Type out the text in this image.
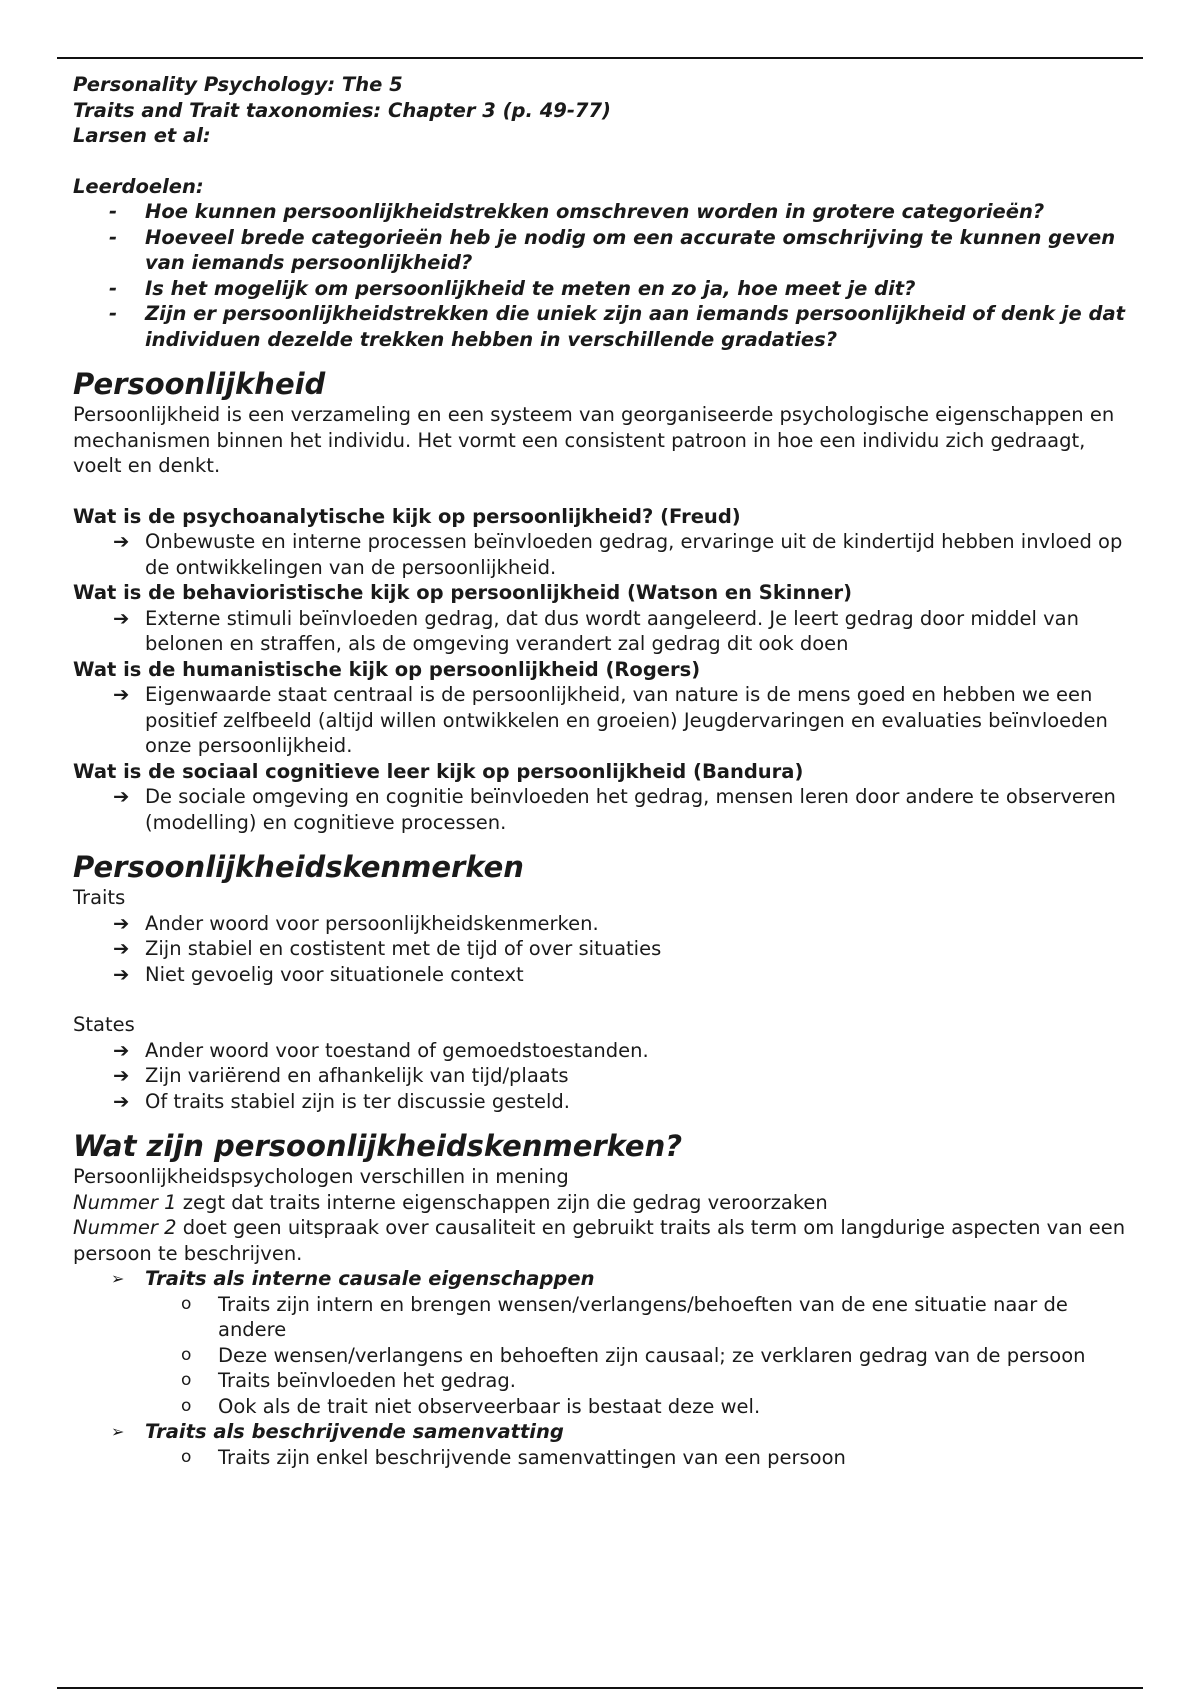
Personality Psychology: The 5
Traits and Trait taxonomies: Chapter 3 (p. 49-77)
Larsen et al:
Leerdoelen:
- Hoe kunnen persoonlijkheidstrekken omschreven worden in grotere categorieën?
- Hoeveel brede categorieën heb je nodig om een accurate omschrijving te kunnen geven van iemands persoonlijkheid?
- Is het mogelijk om persoonlijkheid te meten en zo ja, hoe meet je dit?
- Zijn er persoonlijkheidstrekken die uniek zijn aan iemands persoonlijkheid of denk je dat individuen dezelde trekken hebben in verschillende gradaties?
Persoonlijkheid

Persoonlijkheid is een verzameling en een systeem van georganiseerde psychologische eigenschappen en mechanismen binnen het individu. Het vormt een consistent patroon in hoe een individu zich gedraagt, voelt en denkt.

Wat is de psychoanalytische kijk op persoonlijkheid? (Freud)
➔ Onbewuste en interne processen beïnvloeden gedrag, ervaringe uit de kindertijd hebben invloed op de ontwikkelingen van de persoonlijkheid.
Wat is de behavioristische kijk op persoonlijkheid (Watson en Skinner)
➔ Externe stimuli beïnvloeden gedrag, dat dus wordt aangeleerd. Je leert gedrag door middel van belonen en straffen, als de omgeving verandert zal gedrag dit ook doen
Wat is de humanistische kijk op persoonlijkheid (Rogers)
➔ Eigenwaarde staat centraal is de persoonlijkheid, van nature is de mens goed en hebben we een positief zelfbeeld (altijd willen ontwikkelen en groeien) Jeugdervaringen en evaluaties beïnvloeden onze persoonlijkheid.
Wat is de sociaal cognitieve leer kijk op persoonlijkheid (Bandura)
➔ De sociale omgeving en cognitie beïnvloeden het gedrag, mensen leren door andere te observeren (modelling) en cognitieve processen.
Persoonlijkheidskenmerken
Traits
➔ Ander woord voor persoonlijkheidskenmerken.
➔ Zijn stabiel en costistent met de tijd of over situaties
➔ Niet gevoelig voor situationele context
States
➔ Ander woord voor toestand of gemoedstoestanden.
➔ Zijn variërend en afhankelijk van tijd/plaats
➔ Of traits stabiel zijn is ter discussie gesteld.
Wat zijn persoonlijkheidskenmerken?

Persoonlijkheidspsychologen verschillen in mening

Nummer 1 zegt dat traits interne eigenschappen zijn die gedrag veroorzaken

Nummer 2 doet geen uitspraak over causaliteit en gebruikt traits als term om langdurige aspecten van een persoon te beschrijven.

➢ Traits als interne causale eigenschappen
o Traits zijn intern en brengen wensen/verlangens/behoeften van de ene situatie naar de andere
o Deze wensen/verlangens en behoeften zijn causaal; ze verklaren gedrag van de persoon
o Traits beïnvloeden het gedrag.
o Ook als de trait niet observeerbaar is bestaat deze wel.
➢ Traits als beschrijvende samenvatting
o Traits zijn enkel beschrijvende samenvattingen van een persoon
